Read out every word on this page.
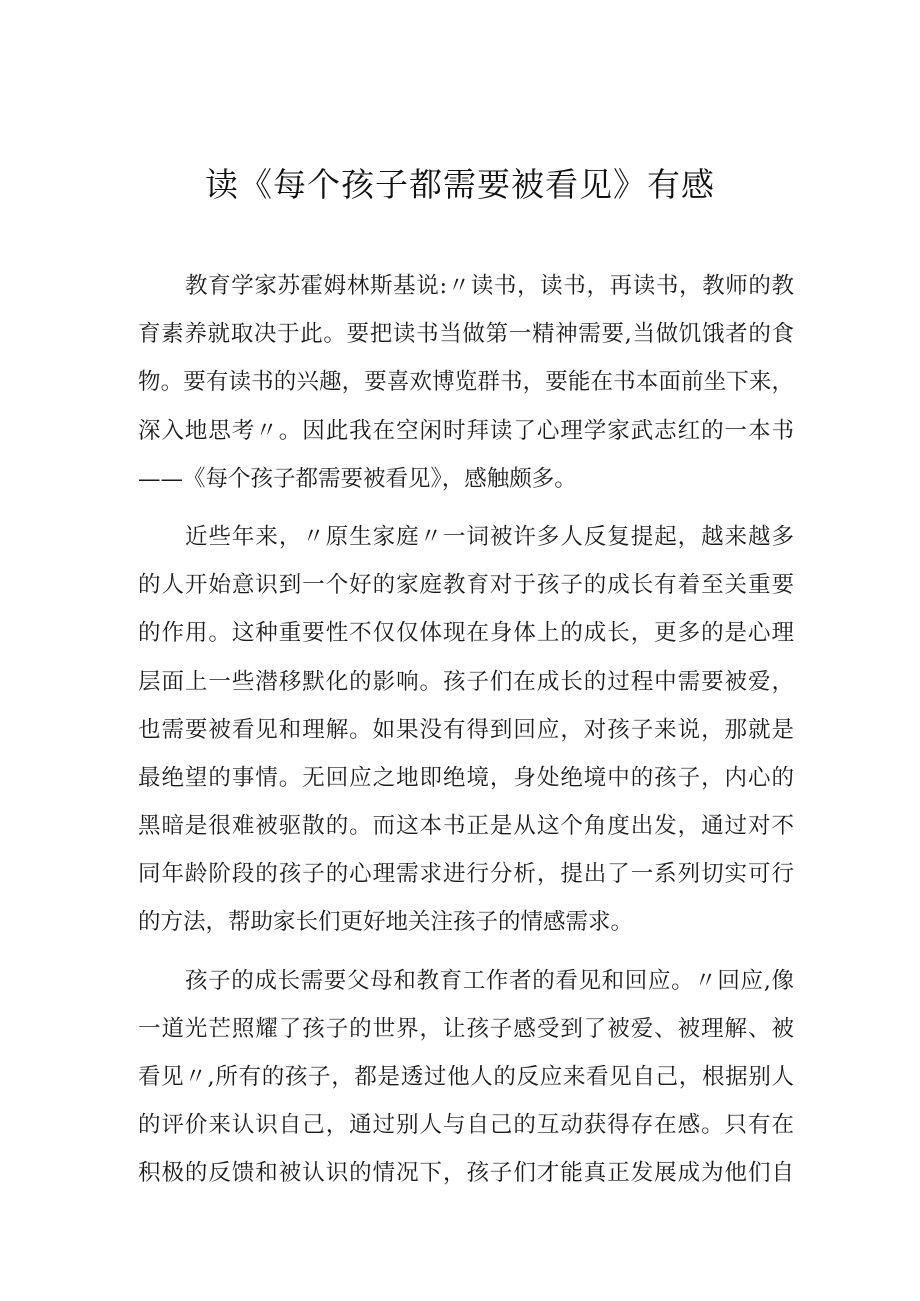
读《每个孩子都需要被看见》有感
教育学家苏霍姆林斯基说:〃读书，读书，再读书，教师的教
育素养就取决于此。要把读书当做第一精神需要,当做饥饿者的食
物。要有读书的兴趣，要喜欢博览群书，要能在书本面前坐下来，
深入地思考〃。因此我在空闲时拜读了心理学家武志红的一本书
——《每个孩子都需要被看见》，感触颇多。
近些年来，〃原生家庭〃一词被许多人反复提起，越来越多
的人开始意识到一个好的家庭教育对于孩子的成长有着至关重要
的作用。这种重要性不仅仅体现在身体上的成长，更多的是心理
层面上一些潜移默化的影响。孩子们在成长的过程中需要被爱，
也需要被看见和理解。如果没有得到回应，对孩子来说，那就是
最绝望的事情。无回应之地即绝境，身处绝境中的孩子，内心的
黑暗是很难被驱散的。而这本书正是从这个角度出发，通过对不
同年龄阶段的孩子的心理需求进行分析，提出了一系列切实可行
的方法，帮助家长们更好地关注孩子的情感需求。
孩子的成长需要父母和教育工作者的看见和回应。〃回应,像
一道光芒照耀了孩子的世界，让孩子感受到了被爱、被理解、被
看见〃,所有的孩子，都是透过他人的反应来看见自己，根据别人
的评价来认识自己，通过别人与自己的互动获得存在感。只有在
积极的反馈和被认识的情况下，孩子们才能真正发展成为他们自
